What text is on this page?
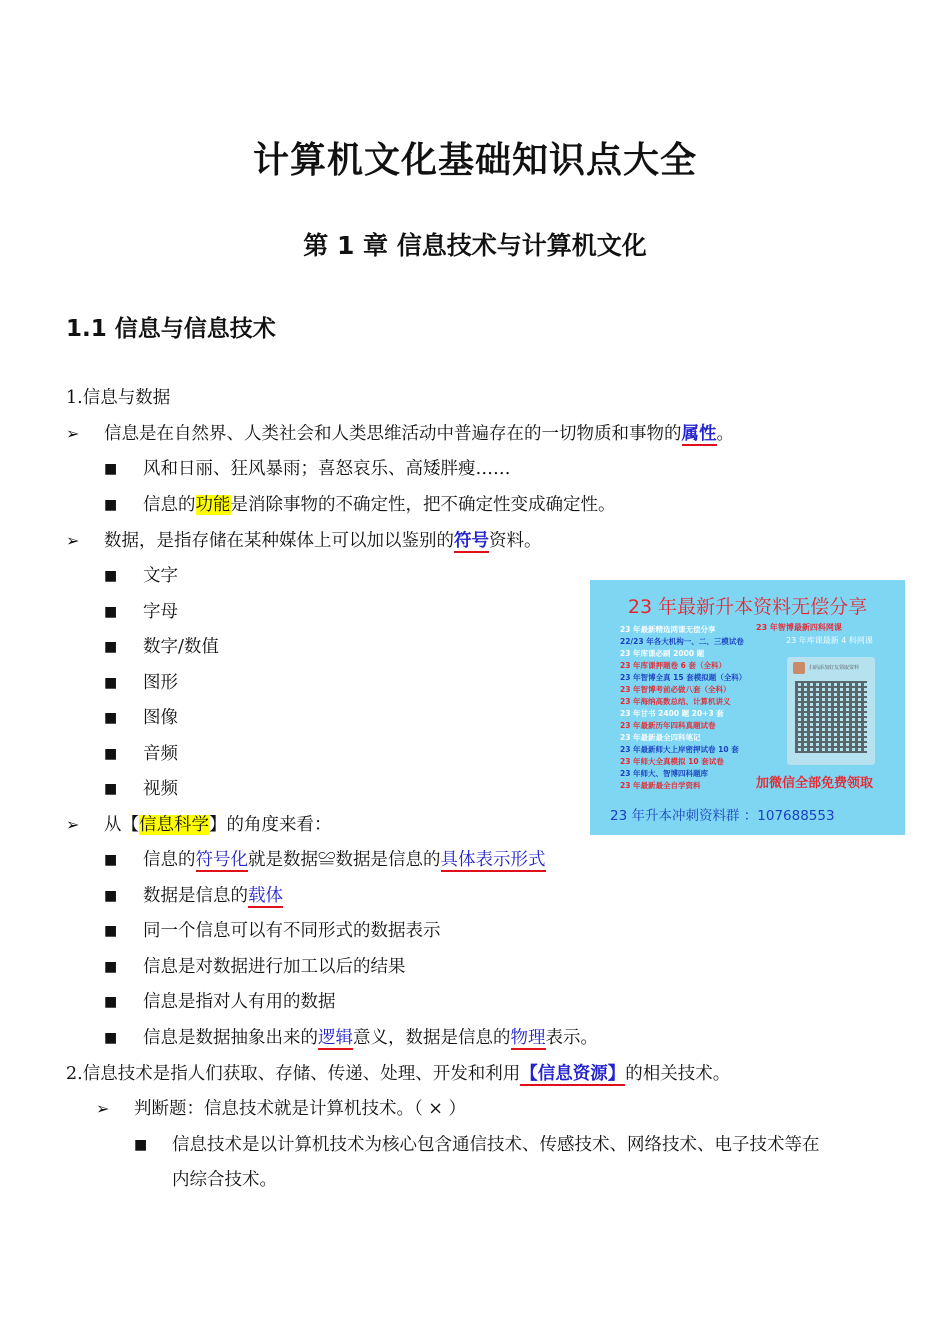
计算机文化基础知识点大全
第 1 章 信息技术与计算机文化
1.1 信息与信息技术
1.信息与数据
➢ 信息是在自然界、人类社会和人类思维活动中普遍存在的一切物质和事物的属性。
■ 风和日丽、狂风暴雨；喜怒哀乐、高矮胖瘦……
■ 信息的功能是消除事物的不确定性，把不确定性变成确定性。
➢ 数据，是指存储在某种媒体上可以加以鉴别的符号资料。
■ 文字
■ 字母
■ 数字/数值
■ 图形
■ 图像
■ 音频
■ 视频
➢ 从【信息科学】的角度来看：
■ 信息的符号化就是数据≌数据是信息的具体表示形式
■ 数据是信息的载体
■ 同一个信息可以有不同形式的数据表示
■ 信息是对数据进行加工以后的结果
■ 信息是指对人有用的数据
■ 信息是数据抽象出来的逻辑意义，数据是信息的物理表示。
2.信息技术是指人们获取、存储、传递、处理、开发和利用【信息资源】的相关技术。
➢ 判断题：信息技术就是计算机技术。（ × ）
■ 信息技术是以计算机技术为核心包含通信技术、传感技术、网络技术、电子技术等在
内综合技术。
23 年最新升本资料无偿分享
23 年最新精选网课无偿分享
22/23 年各大机构一、二、三模试卷
23 年库课必刷 2000 题
23 年库课押题卷 6 套（全科）
23 年智博全真 15 套模拟题（全科）
23 年智博考前必做八套（全科）
23 年海纳高数总结、计算机讲义
23 年甘书 2400 题 20+3 套
23 年最新历年四科真题试卷
23 年最新最全四科笔记
23 年最新师大上岸密押试卷 10 套
23 年师大全真模拟 10 套试卷
23 年师大、智博四科题库
23 年最新最全自学资料
23 年智博最新四科网课
23 年库课最新 4 科网课
扫码添加好友领取资料
加微信全部免费领取
23 年升本冲刺资料群 ：107688553
